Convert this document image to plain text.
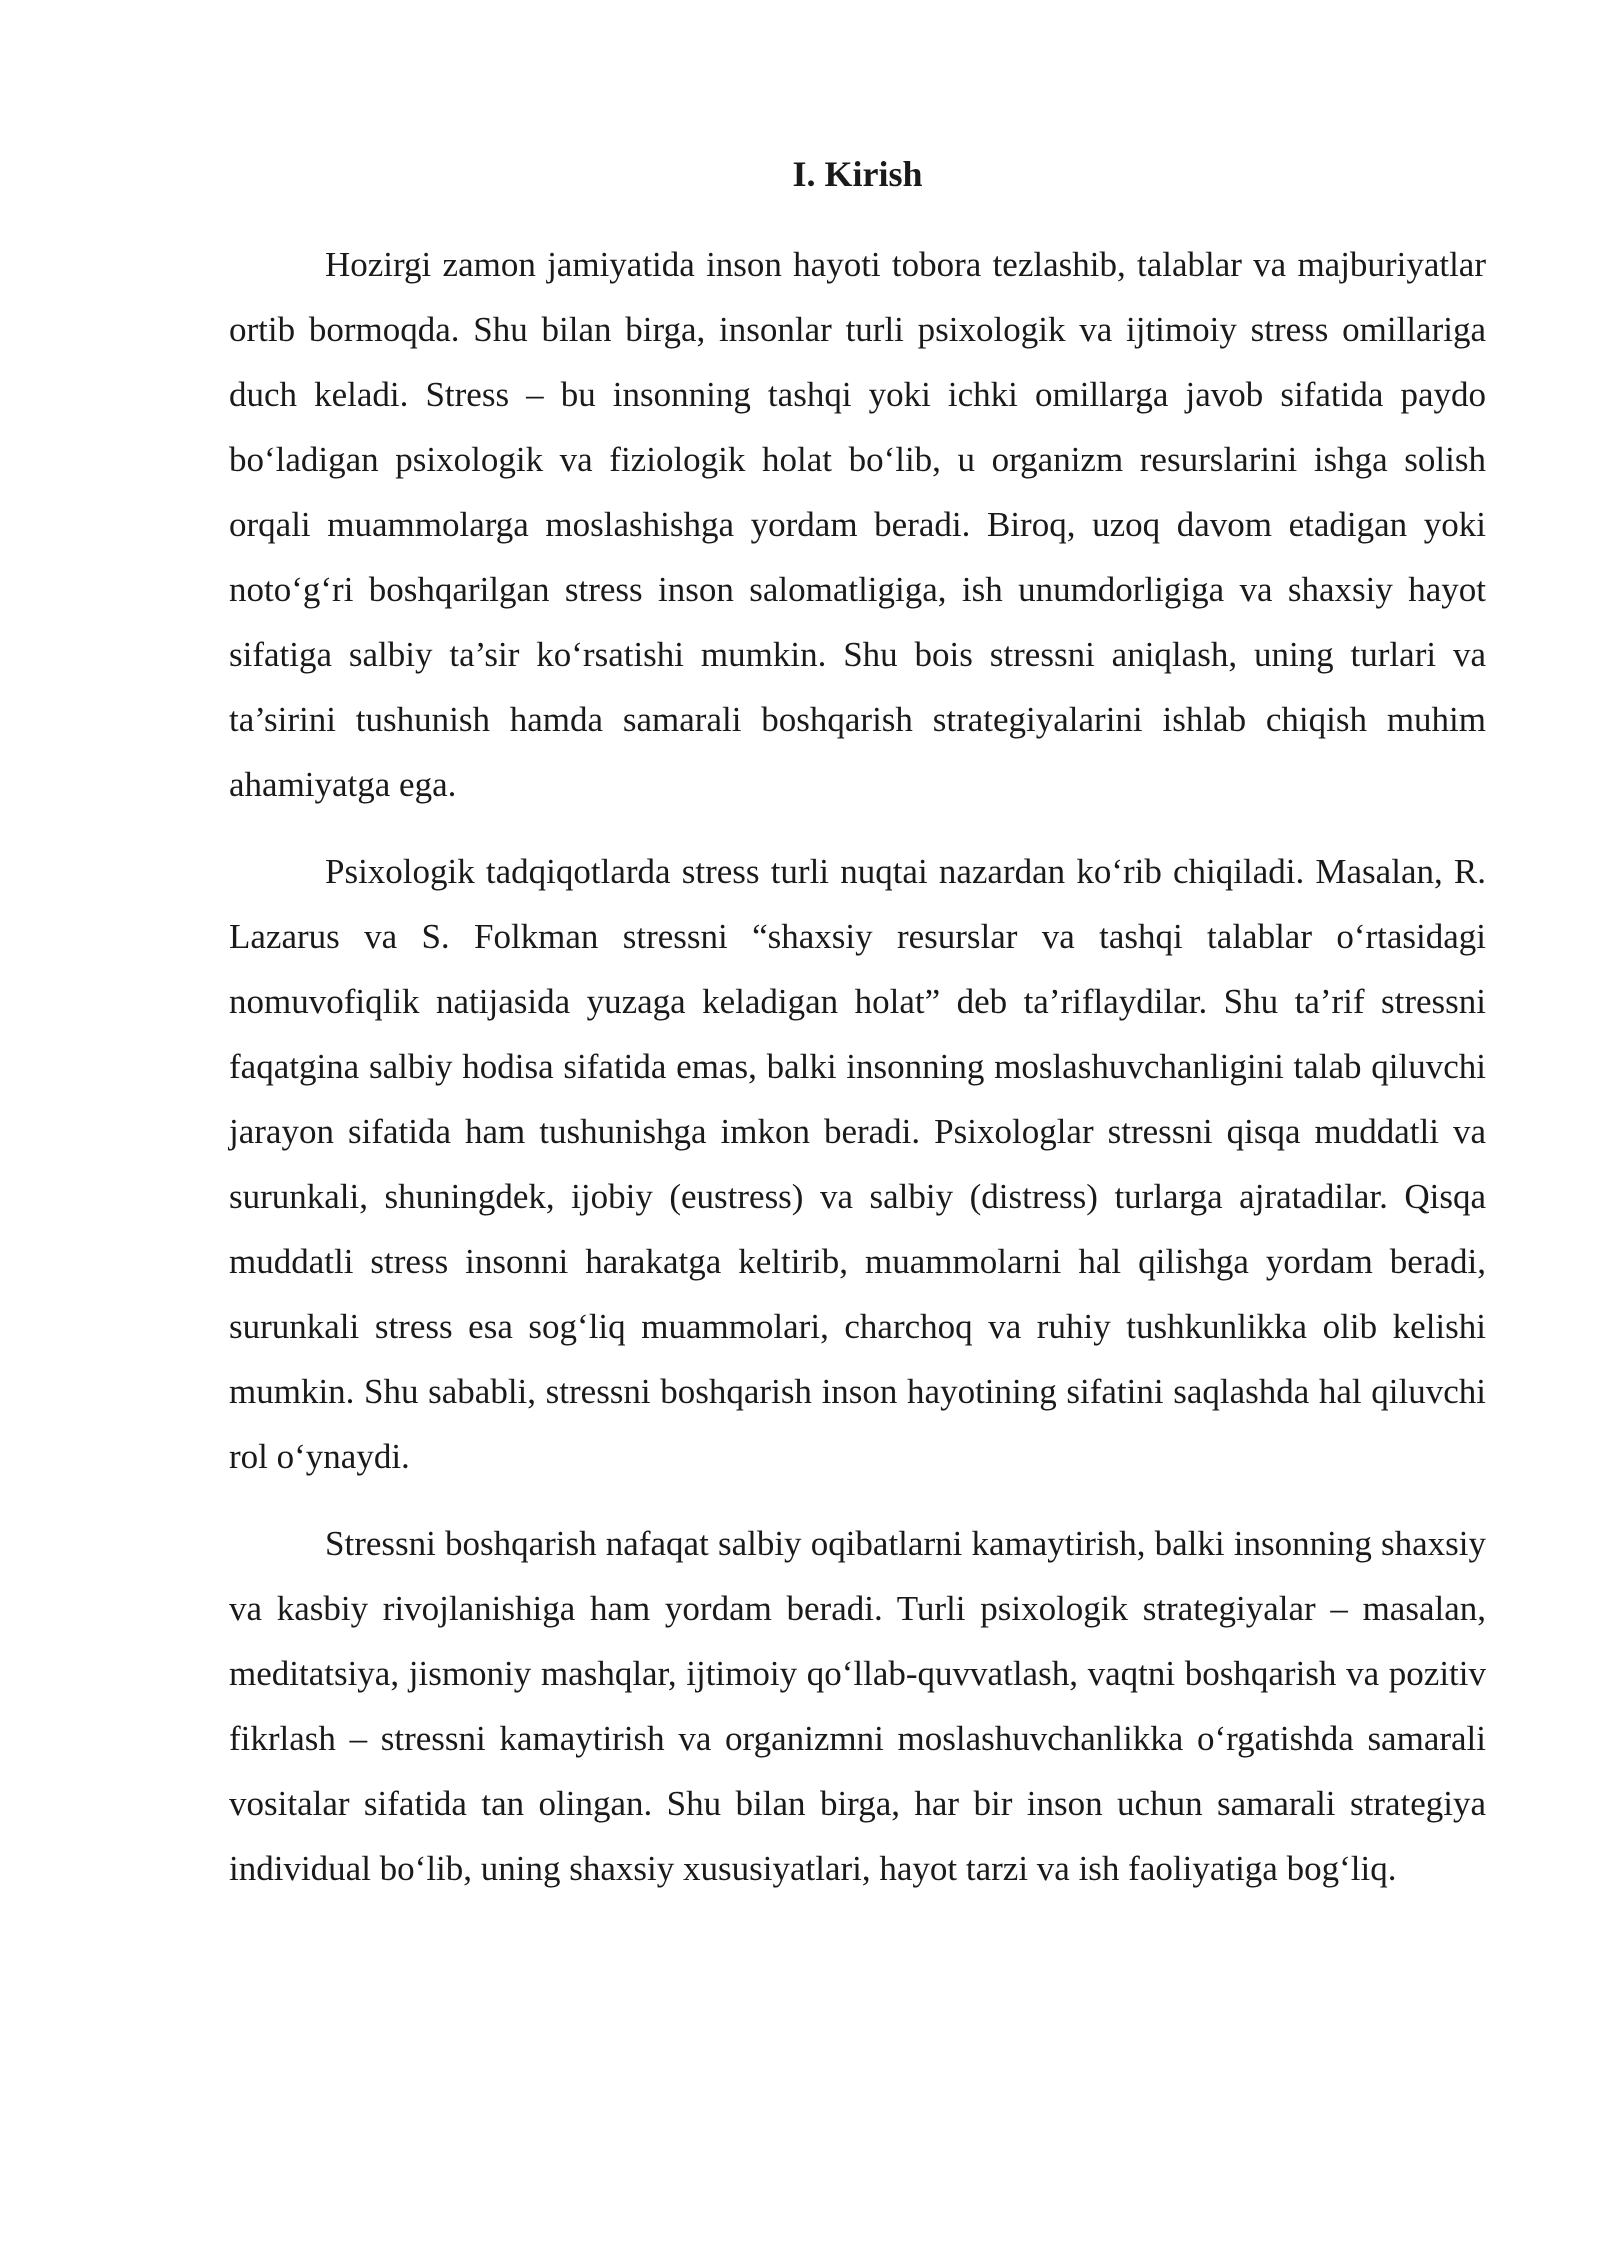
I. Kirish

Hozirgi zamon jamiyatida inson hayoti tobora tezlashib, talablar va majburiyatlar ortib bormoqda. Shu bilan birga, insonlar turli psixologik va ijtimoiy stress omillariga duch keladi. Stress – bu insonning tashqi yoki ichki omillarga javob sifatida paydo bo‘ladigan psixologik va fiziologik holat bo‘lib, u organizm resurslarini ishga solish orqali muammolarga moslashishga yordam beradi. Biroq, uzoq davom etadigan yoki noto‘g‘ri boshqarilgan stress inson salomatligiga, ish unumdorligiga va shaxsiy hayot sifatiga salbiy ta’sir ko‘rsatishi mumkin. Shu bois stressni aniqlash, uning turlari va ta’sirini tushunish hamda samarali boshqarish strategiyalarini ishlab chiqish muhim ahamiyatga ega.

Psixologik tadqiqotlarda stress turli nuqtai nazardan ko‘rib chiqiladi. Masalan, R. Lazarus va S. Folkman stressni “shaxsiy resurslar va tashqi talablar o‘rtasidagi nomuvofiqlik natijasida yuzaga keladigan holat” deb ta’riflaydilar. Shu ta’rif stressni faqatgina salbiy hodisa sifatida emas, balki insonning moslashuvchanligini talab qiluvchi jarayon sifatida ham tushunishga imkon beradi. Psixologlar stressni qisqa muddatli va surunkali, shuningdek, ijobiy (eustress) va salbiy (distress) turlarga ajratadilar. Qisqa muddatli stress insonni harakatga keltirib, muammolarni hal qilishga yordam beradi, surunkali stress esa sog‘liq muammolari, charchoq va ruhiy tushkunlikka olib kelishi mumkin. Shu sababli, stressni boshqarish inson hayotining sifatini saqlashda hal qiluvchi rol o‘ynaydi.

Stressni boshqarish nafaqat salbiy oqibatlarni kamaytirish, balki insonning shaxsiy va kasbiy rivojlanishiga ham yordam beradi. Turli psixologik strategiyalar – masalan, meditatsiya, jismoniy mashqlar, ijtimoiy qo‘llab-quvvatlash, vaqtni boshqarish va pozitiv fikrlash – stressni kamaytirish va organizmni moslashuvchanlikka o‘rgatishda samarali vositalar sifatida tan olingan. Shu bilan birga, har bir inson uchun samarali strategiya individual bo‘lib, uning shaxsiy xususiyatlari, hayot tarzi va ish faoliyatiga bog‘liq.
